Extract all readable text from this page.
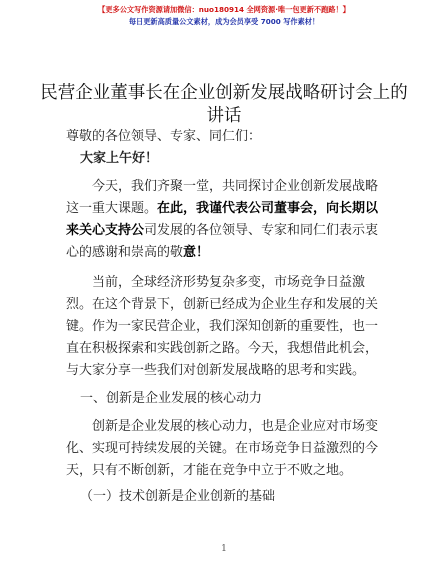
【更多公文写作资源请加微信：nuo180914 全网资源·唯一包更新不跑路！】
每日更新高质量公文素材，成为会员享受 7000 写作素材！
民营企业董事长在企业创新发展战略研讨会上的讲话

尊敬的各位领导、专家、同仁们：

大家上午好！

今天，我们齐聚一堂，共同探讨企业创新发展战略这一重大课题。在此，我谨代表公司董事会，向长期以来关心支持公司发展的各位领导、专家和同仁们表示衷心的感谢和崇高的敬意！

当前，全球经济形势复杂多变，市场竞争日益激烈。在这个背景下，创新已经成为企业生存和发展的关键。作为一家民营企业，我们深知创新的重要性，也一直在积极探索和实践创新之路。今天，我想借此机会，与大家分享一些我们对创新发展战略的思考和实践。

一、创新是企业发展的核心动力

创新是企业发展的核心动力，也是企业应对市场变化、实现可持续发展的关键。在市场竞争日益激烈的今天，只有不断创新，才能在竞争中立于不败之地。

（一）技术创新是企业创新的基础

1
